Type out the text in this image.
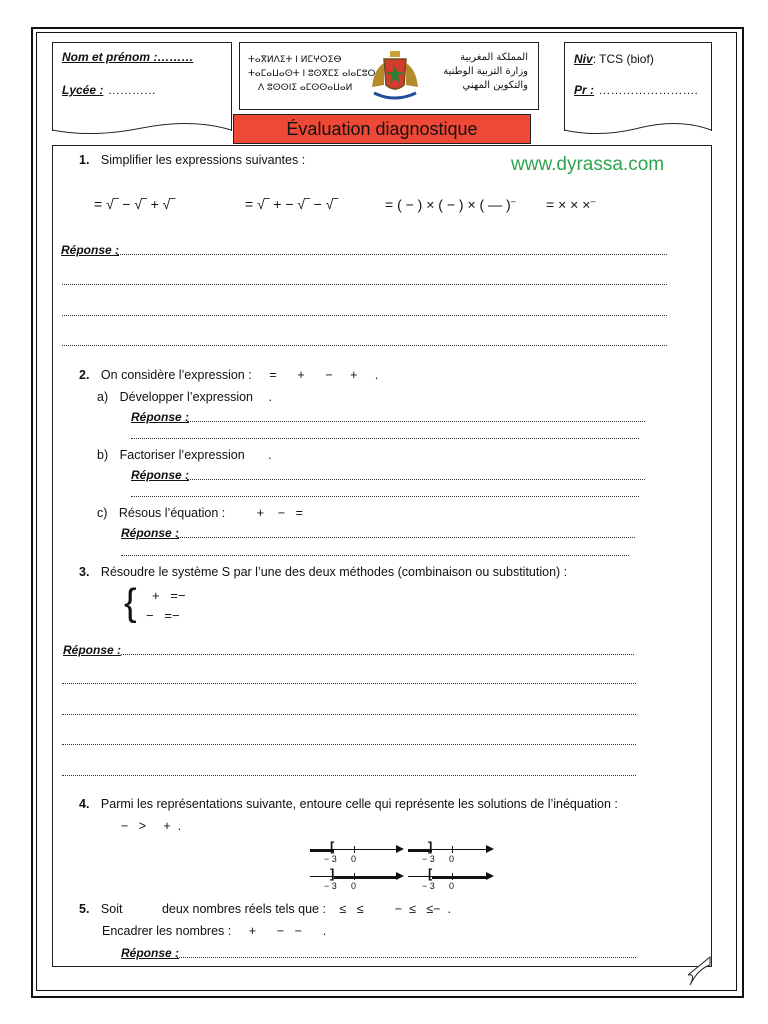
Nom et prénom :………
Lycée : …………
ⵜⴰⴳⵍⴷⵉⵜ ⵏ ⵍⵎⵖⵔⵉⴱ
ⵜⴰⵎⴰⵡⴰⵙⵜ ⵏ ⵓⵙⴳⵎⵉ ⴰⵏⴰⵎⵓⵔ
ⴷ ⵓⵙⵙⵏⵉ ⴰⵎⵙⵙⴰⵡⴰⵍ
المملكة المغربية
وزارة التربية الوطنية
والتكوين المهني
Niv: TCS (biof)
Pr : …………………….
Évaluation diagnostique
www.dyrassa.com
1. Simplifier les expressions suivantes :
= √‾ − √‾ + √‾	= √‾ + − √‾ − √‾	= ( − ) × ( − ) × ( — )– = × × ×–
Réponse :
2. On considère l’expression : =      +      −     +     .
a) Développer l’expression .
Réponse :
b) Factoriser l’expression .
Réponse :
c) Résous l’équation :	+    −   =
Réponse :
3. Résoudre le système S par l’une des deux méthodes (combinaison ou substitution) :
{ +   =−
−   =−
Réponse :
4. Parmi les représentations suivante, entoure celle qui représente les solutions de l’inéquation :
−   >     +  .
[
− 3 0
]
− 3 0
]
− 3 0
[
− 3 0
5. Soit	deux nombres réels tels que : ≤   ≤         −  ≤   ≤−  .
Encadrer les nombres : +      −   −      .
Réponse :
